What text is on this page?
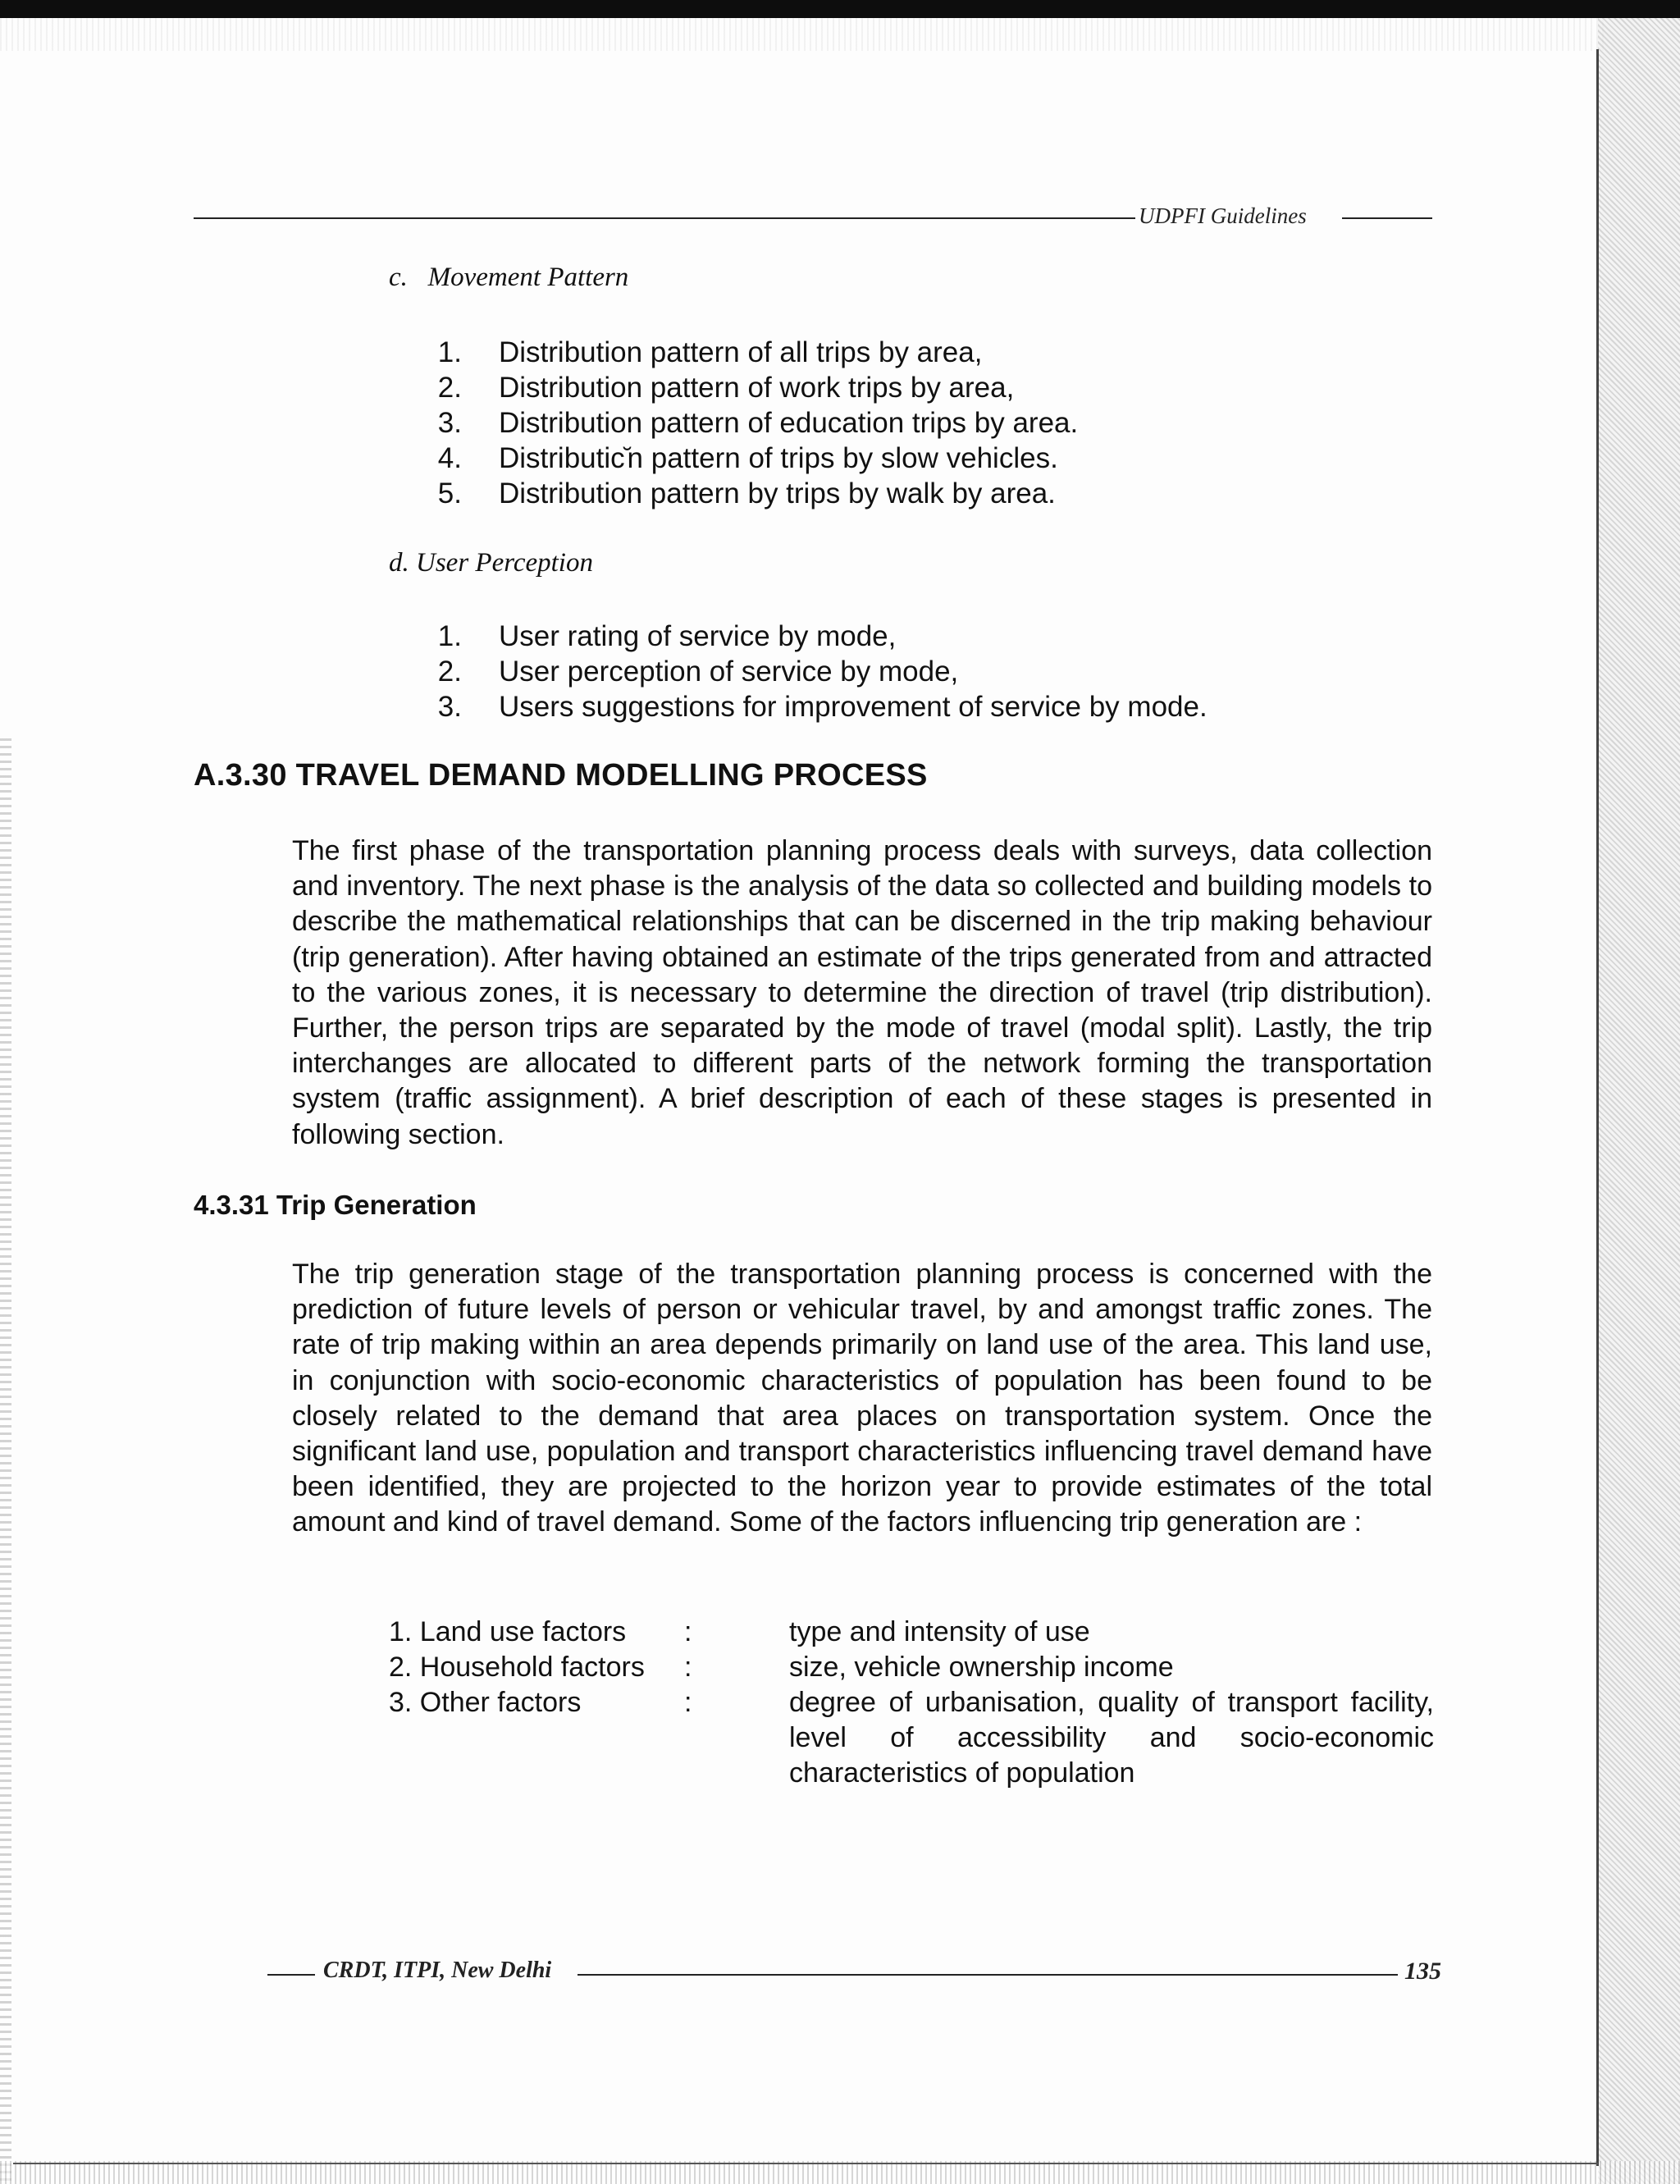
UDPFI Guidelines
c.   Movement Pattern
1.	Distribution pattern of all trips by area,
2.	Distribution pattern of work trips by area,
3.	Distribution pattern of education trips by area.
4.	Distributic ̆n pattern of trips by slow vehicles.
5.	Distribution pattern by trips by walk by area.
d. User Perception
1.	User rating of service by mode,
2.	User perception of service by mode,
3.	Users suggestions for improvement of service by mode.
A.3.30 TRAVEL DEMAND MODELLING PROCESS

The first phase of the transportation planning process deals with surveys, data collection and inventory. The next phase is the analysis of the data so collected and building models to describe the mathematical relationships that can be discerned in the trip making behaviour (trip generation). After having obtained an estimate of the trips generated from and attracted to the various zones, it is necessary to determine the direction of travel (trip distribution). Further, the person trips are separated by the mode of travel (modal split). Lastly, the trip interchanges are allocated to different parts of the network forming the transportation system (traffic assignment). A brief description of each of these stages is presented in following section.

4.3.31 Trip Generation

The trip generation stage of the transportation planning process is concerned with the prediction of future levels of person or vehicular travel, by and amongst traffic zones. The rate of trip making within an area depends primarily on land use of the area. This land use, in conjunction with socio-economic characteristics of population has been found to be closely related to the demand that area places on transportation system. Once the significant land use, population and transport characteristics influencing travel demand have been identified, they are projected to the horizon year to provide estimates of the total amount and kind of travel demand. Some of the factors influencing trip generation are :

1. Land use factors	:	type and intensity of use
2. Household factors	:	size, vehicle ownership income
3. Other factors	:	degree of urbanisation, quality of transport facility, level of accessibility and socio-economic characteristics of population
CRDT, ITPI, New Delhi	135
